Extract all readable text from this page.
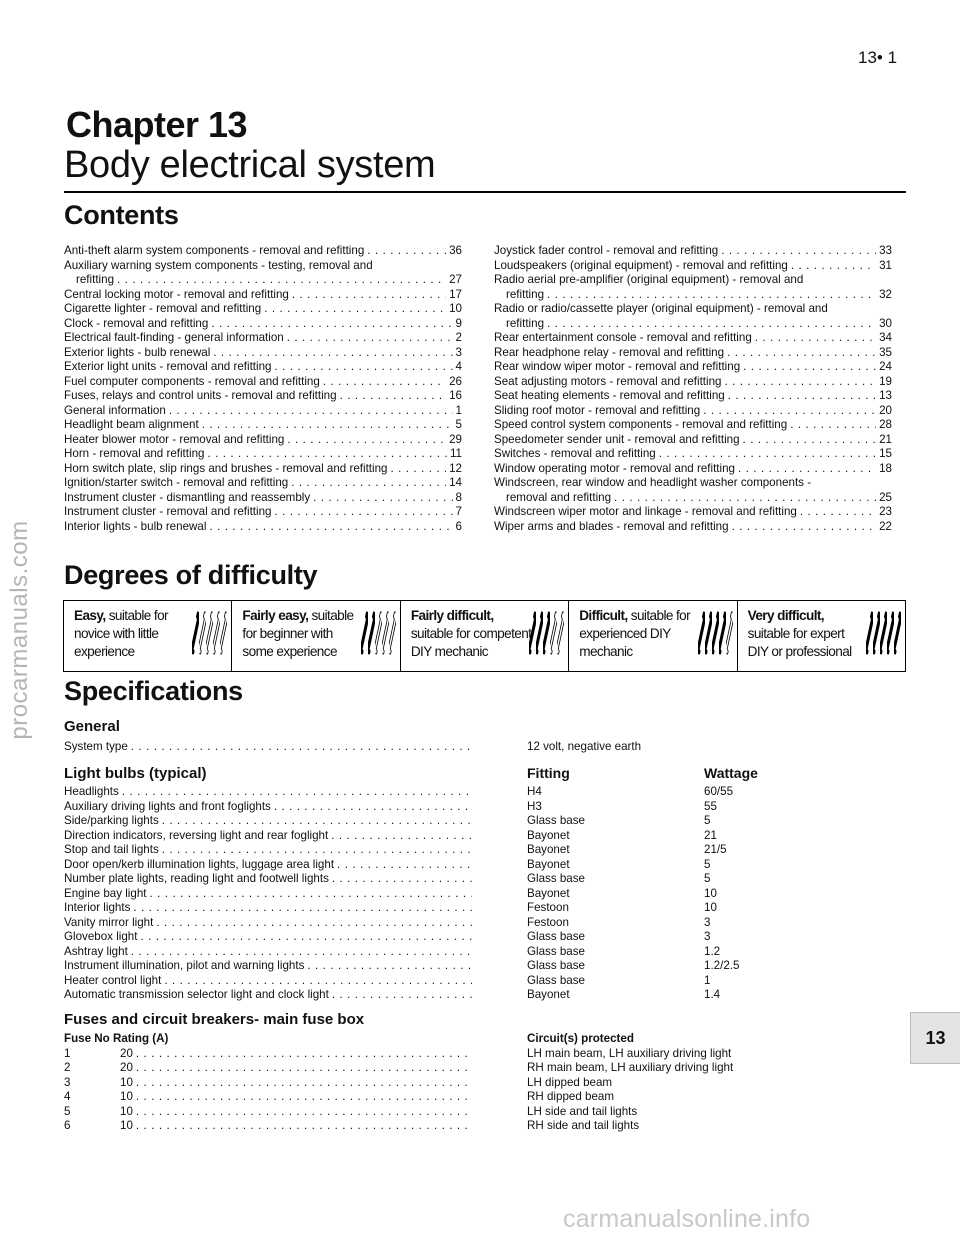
13• 1
Chapter 13
Body electrical system
Contents
Anti-theft alarm system components - removal and refitting . . .	36
Auxiliary warning system components - testing, removal and
refitting . . .	27
Central locking motor - removal and refitting . . .	17
Cigarette lighter - removal and refitting . . .	10
Clock - removal and refitting . . .	9
Electrical fault-finding - general information . . .	2
Exterior lights - bulb renewal . . .	3
Exterior light units - removal and refitting . . .	4
Fuel computer components - removal and refitting . . .	26
Fuses, relays and control units - removal and refitting . . .	16
General information . . .	1
Headlight beam alignment . . .	5
Heater blower motor - removal and refitting . . .	29
Horn - removal and refitting . . .	11
Horn switch plate, slip rings and brushes - removal and refitting . . .	12
Ignition/starter switch - removal and refitting . . .	14
Instrument cluster - dismantling and reassembly . . .	8
Instrument cluster - removal and refitting . . .	7
Interior lights - bulb renewal . . .	6
Joystick fader control - removal and refitting . . .	33
Loudspeakers (original equipment) - removal and refitting . . .	31
Radio aerial pre-amplifier (original equipment) - removal and
refitting . . .	32
Radio or radio/cassette player (original equipment) - removal and
refitting . . .	30
Rear entertainment console - removal and refitting . . .	34
Rear headphone relay - removal and refitting . . .	35
Rear window wiper motor - removal and refitting . . .	24
Seat adjusting motors - removal and refitting . . .	19
Seat heating elements - removal and refitting . . .	13
Sliding roof motor - removal and refitting . . .	20
Speed control system components - removal and refitting . . .	28
Speedometer sender unit - removal and refitting . . .	21
Switches - removal and refitting . . .	15
Window operating motor - removal and refitting . . .	18
Windscreen, rear window and headlight washer components -
removal and refitting . . .	25
Windscreen wiper motor and linkage - removal and refitting . . .	23
Wiper arms and blades - removal and refitting . . .	22
Degrees of difficulty
Easy, suitable for
novice with little
experience
Fairly easy, suitable
for beginner with
some experience
Fairly difficult,
suitable for competent
DIY mechanic
Difficult, suitable for
experienced DIY
mechanic
Very difficult,
suitable for expert
DIY or professional
Specifications
General
System type . . .	12 volt, negative earth
Light bulbs (typical)	Fitting	Wattage
Headlights . . .	H4	60/55
Auxiliary driving lights and front foglights . . .	H3	55
Side/parking lights . . .	Glass base	5
Direction indicators, reversing light and rear foglight . . .	Bayonet	21
Stop and tail lights . . .	Bayonet	21/5
Door open/kerb illumination lights, luggage area light . . .	Bayonet	5
Number plate lights, reading light and footwell lights . . .	Glass base	5
Engine bay light . . .	Bayonet	10
Interior lights . . .	Festoon	10
Vanity mirror light . . .	Festoon	3
Glovebox light . . .	Glass base	3
Ashtray light . . .	Glass base	1.2
Instrument illumination, pilot and warning lights . . .	Glass base	1.2/2.5
Heater control light . . .	Glass base	1
Automatic transmission selector light and clock light . . .	Bayonet	1.4
Fuses and circuit breakers- main fuse box
Fuse No Rating (A)	Circuit(s) protected
1	20 . . .	LH main beam, LH auxiliary driving light
2	20 . . .	RH main beam, LH auxiliary driving light
3	10 . . .	LH dipped beam
4	10 . . .	RH dipped beam
5	10 . . .	LH side and tail lights
6	10 . . .	RH side and tail lights
13
procarmanuals.com
carmanualsonline.info
